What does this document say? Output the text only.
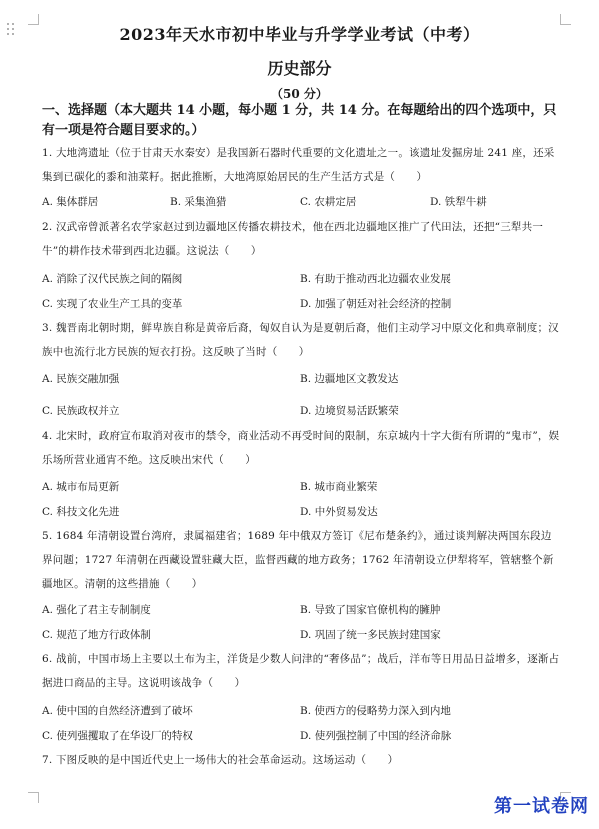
2023年天水市初中毕业与升学学业考试（中考）
历史部分
（50 分）
一、选择题（本大题共 14 小题，每小题 1 分，共 14 分。在每题给出的四个选项中，只有一项是符合题目要求的。）
1. 大地湾遗址（位于甘肃天水秦安）是我国新石器时代重要的文化遗址之一。该遗址发掘房址 241 座，还采集到已碳化的黍和油菜籽。据此推断，大地湾原始居民的生产生活方式是（　　）
A. 集体群居	B. 采集渔猎	C. 农耕定居	D. 铁犁牛耕
2. 汉武帝曾派著名农学家赵过到边疆地区传播农耕技术，他在西北边疆地区推广了代田法，还把“三犁共一牛”的耕作技术带到西北边疆。这说法（　　）
A. 消除了汉代民族之间的隔阂	B. 有助于推动西北边疆农业发展
C. 实现了农业生产工具的变革	D. 加强了朝廷对社会经济的控制
3. 魏晋南北朝时期，鲜卑族自称是黄帝后裔，匈奴自认为是夏朝后裔，他们主动学习中原文化和典章制度；汉族中也流行北方民族的短衣打扮。这反映了当时（　　）
A. 民族交融加强	B. 边疆地区文教发达
C. 民族政权并立	D. 边境贸易活跃繁荣
4. 北宋时，政府宣布取消对夜市的禁令，商业活动不再受时间的限制，东京城内十字大街有所谓的“鬼市”，娱乐场所营业通宵不绝。这反映出宋代（　　）
A. 城市布局更新	B. 城市商业繁荣
C. 科技文化先进	D. 中外贸易发达
5. 1684 年清朝设置台湾府，隶属福建省；1689 年中俄双方签订《尼布楚条约》，通过谈判解决两国东段边界问题；1727 年清朝在西藏设置驻藏大臣，监督西藏的地方政务；1762 年清朝设立伊犁将军，管辖整个新疆地区。清朝的这些措施（　　）
A. 强化了君主专制制度	B. 导致了国家官僚机构的臃肿
C. 规范了地方行政体制	D. 巩固了统一多民族封建国家
6. 战前，中国市场上主要以土布为主，洋货是少数人问津的“奢侈品”；战后，洋布等日用品日益增多，逐渐占据进口商品的主导。这说明该战争（　　）
A. 使中国的自然经济遭到了破坏	B. 使西方的侵略势力深入到内地
C. 使列强攫取了在华设厂的特权	D. 使列强控制了中国的经济命脉
7. 下图反映的是中国近代史上一场伟大的社会革命运动。这场运动（　　）
第一试卷网
